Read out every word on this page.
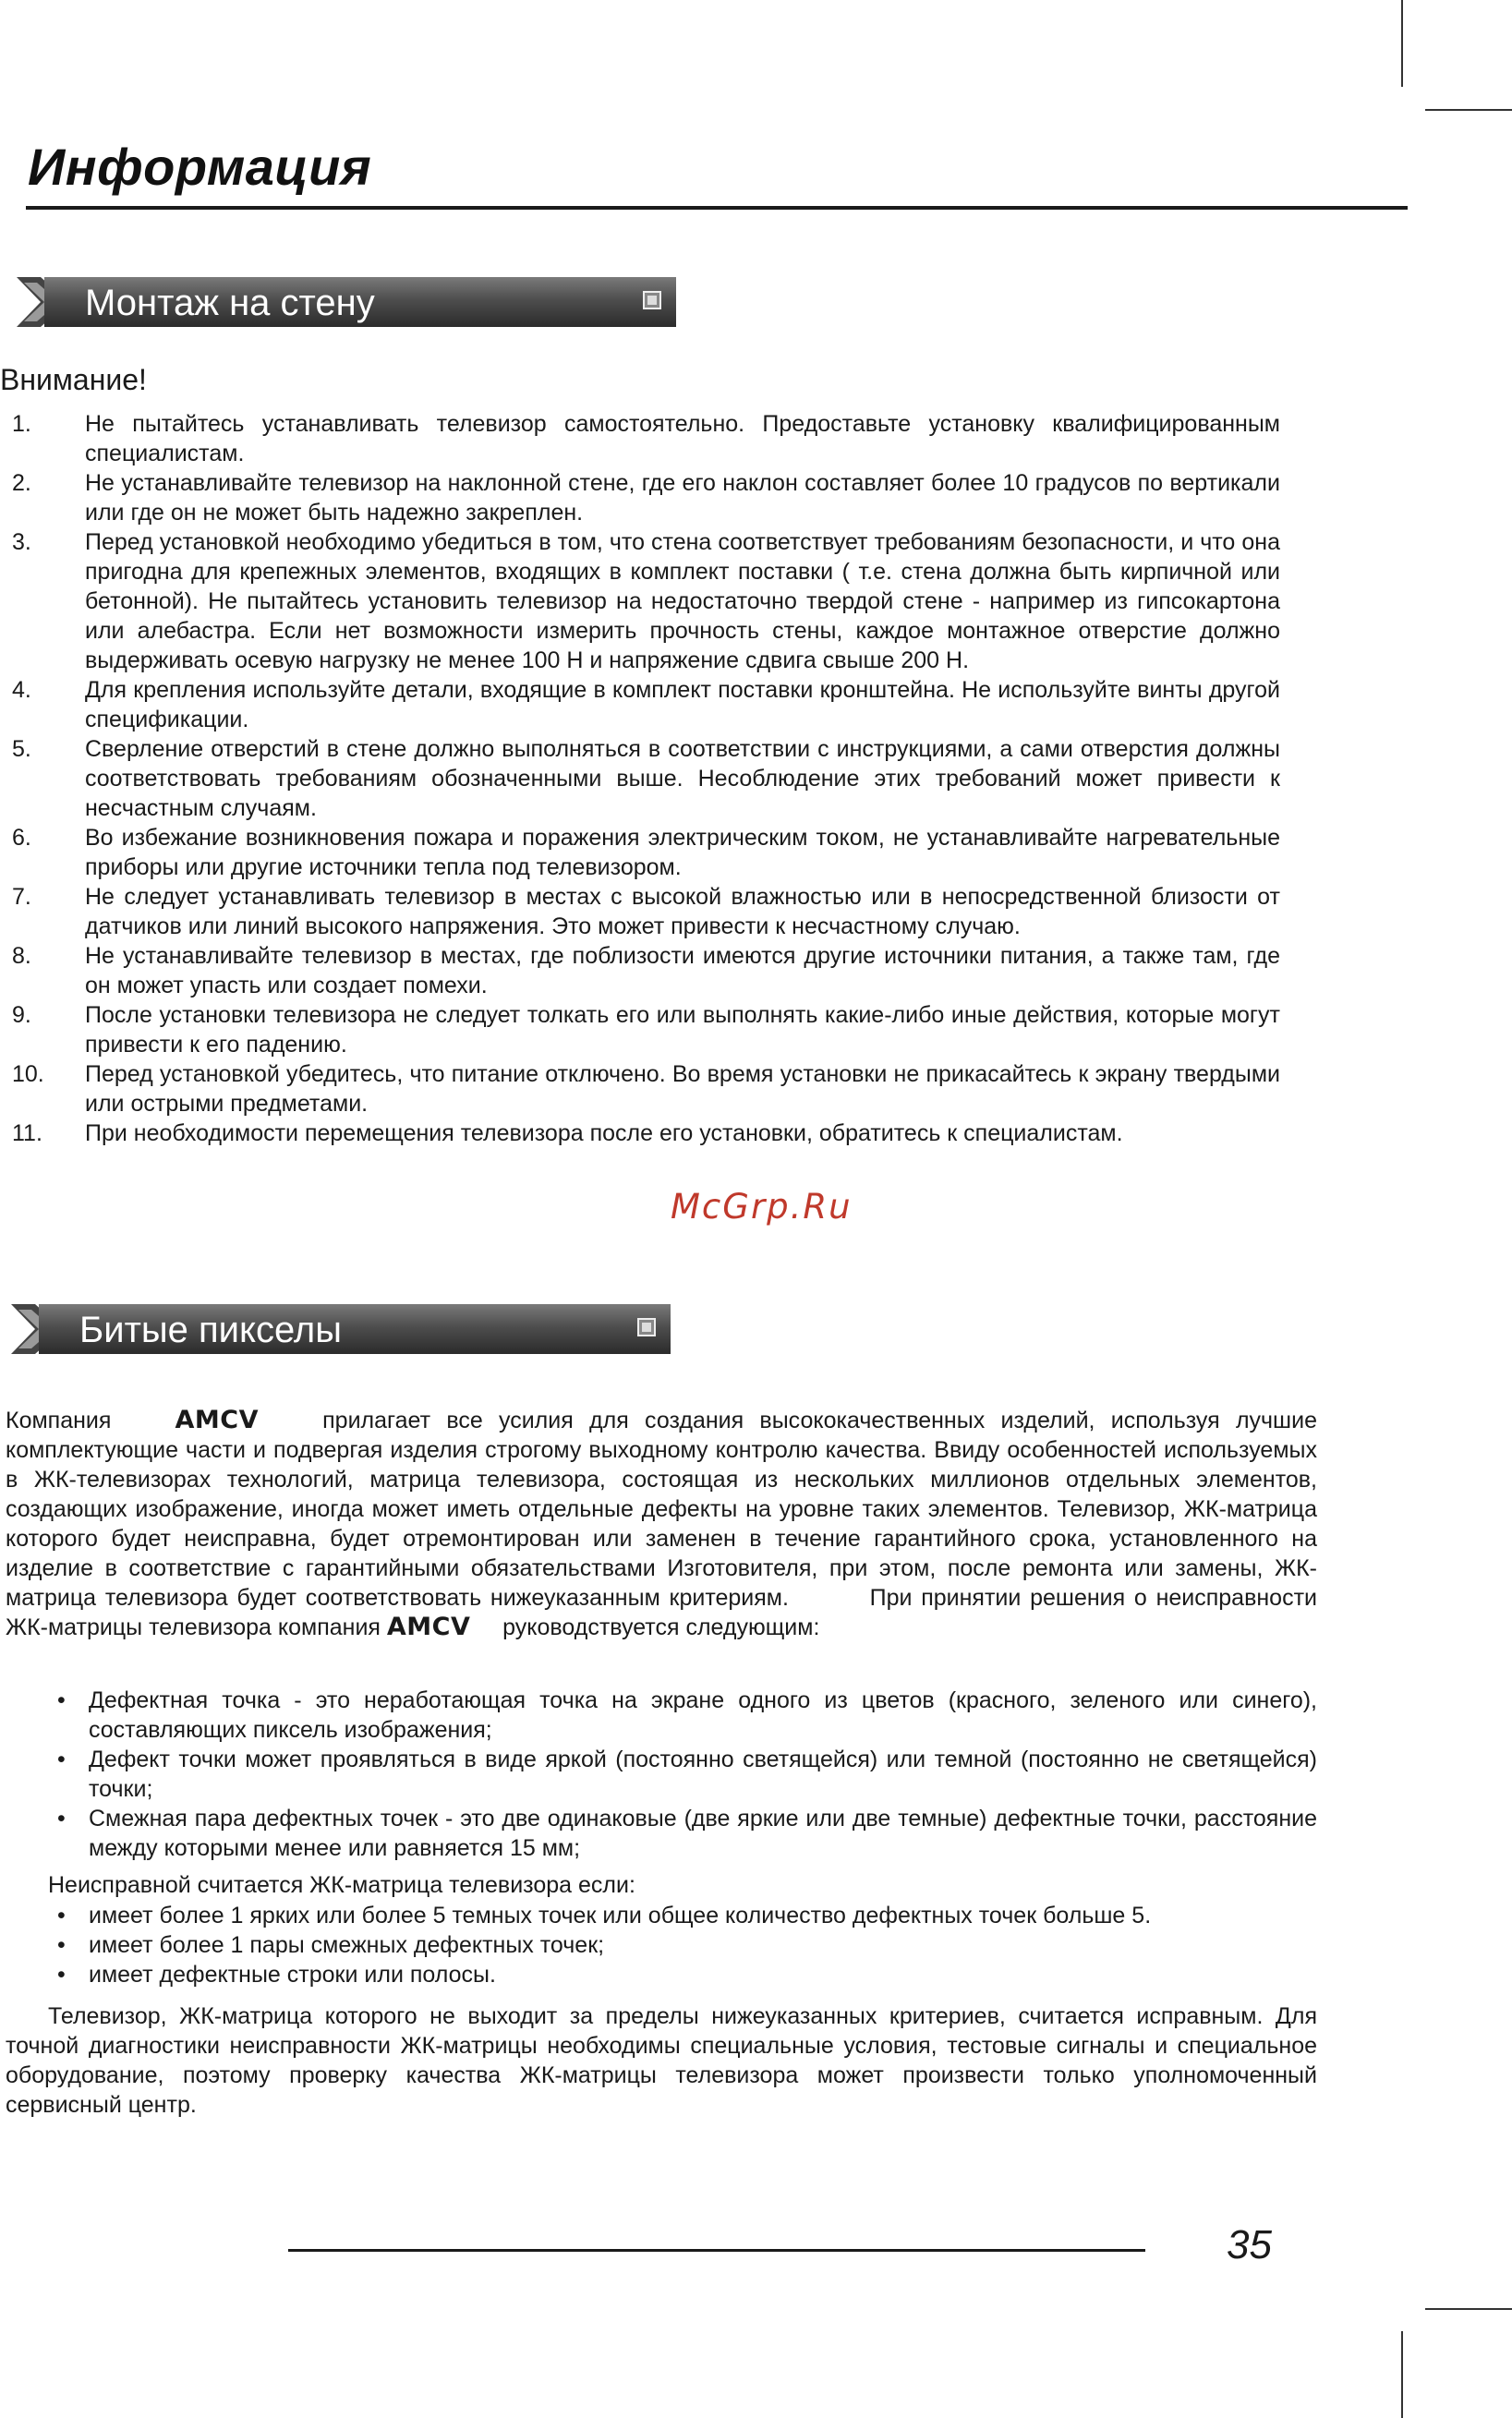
Информация
Монтаж на стену
Внимание!
1. Не пытайтесь устанавливать телевизор самостоятельно. Предоставьте установку квалифицированным специалистам.
2. Не устанавливайте телевизор на наклонной стене, где его наклон составляет более 10 градусов по вертикали или где он не может быть надежно закреплен.
3. Перед установкой необходимо убедиться в том, что стена соответствует требованиям безопасности, и что она пригодна для крепежных элементов, входящих в комплект поставки ( т.е. стена должна быть кирпичной или бетонной). Не пытайтесь установить телевизор на недостаточно твердой стене - например из гипсокартона или алебастра. Если нет возможности измерить прочность стены, каждое монтажное отверстие должно выдерживать осевую нагрузку не менее 100 Н и напряжение сдвига свыше 200 Н.
4. Для крепления используйте детали, входящие в комплект поставки кронштейна. Не используйте винты другой спецификации.
5. Сверление отверстий в стене должно выполняться в соответствии с инструкциями, а сами отверстия должны соответствовать требованиям обозначенными выше. Несоблюдение этих требований может привести к несчастным случаям.
6. Во избежание возникновения пожара и поражения электрическим током, не устанавливайте нагревательные приборы или другие источники тепла под телевизором.
7. Не следует устанавливать телевизор в местах с высокой влажностью или в непосредственной близости от датчиков или линий высокого напряжения. Это может привести к несчастному случаю.
8. Не устанавливайте телевизор в местах, где поблизости имеются другие источники питания, а также там, где он может упасть или создает помехи.
9. После установки телевизора не следует толкать его или выполнять какие-либо иные действия, которые могут привести к его падению.
10. Перед установкой убедитесь, что питание отключено. Во время установки не прикасайтесь к экрану твердыми или острыми предметами.
11. При необходимости перемещения телевизора после его установки, обратитесь к специалистам.
McGrp.Ru
Битые пикселы

Компания	AMCV	прилагает все усилия для создания высококачественных изделий, используя лучшие комплектующие части и подвергая изделия строгому выходному контролю качества. Ввиду особенностей используемых в ЖК-телевизорах технологий, матрица телевизора, состоящая из нескольких миллионов отдельных элементов, создающих изображение, иногда может иметь отдельные дефекты на уровне таких элементов. Телевизор, ЖК-матрица которого будет неисправна, будет отремонтирован или заменен в течение гарантийного срока, установленного на изделие в соответствие с гарантийными обязательствами Изготовителя, при этом, после ремонта или замены, ЖК-матрица телевизора будет соответствовать нижеуказанным критериям.	При принятии решения о неисправности ЖК-матрицы телевизора компания AMCV руководствуется следующим:

• Дефектная точка - это неработающая точка на экране одного из цветов (красного, зеленого или синего), составляющих пиксель изображения;
• Дефект точки может проявляться в виде яркой (постоянно светящейся) или темной (постоянно не светящейся) точки;
• Смежная пара дефектных точек - это две одинаковые (две яркие или две темные) дефектные точки, расстояние между которыми менее или равняется 15 мм;

Неисправной считается ЖК-матрица телевизора если:

• имеет более 1 ярких или более 5 темных точек или общее количество дефектных точек больше 5.
• имеет более 1 пары смежных дефектных точек;
• имеет дефектные строки или полосы.

Телевизор, ЖК-матрица которого не выходит за пределы нижеуказанных критериев, считается исправным. Для точной диагностики неисправности ЖК-матрицы необходимы специальные условия, тестовые сигналы и специальное оборудование, поэтому проверку качества ЖК-матрицы телевизора может произвести только уполномоченный сервисный центр.

35
